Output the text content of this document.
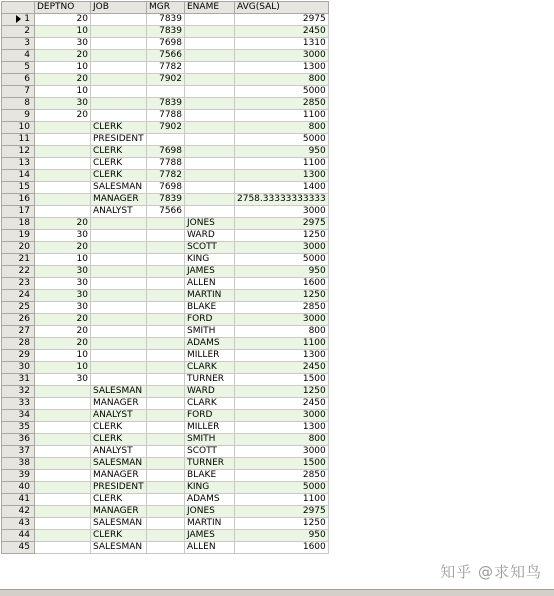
	DEPTNO	JOB	MGR	ENAME	AVG(SAL)
1	20		7839		2975
2	10		7839		2450
3	30		7698		1310
4	20		7566		3000
5	10		7782		1300
6	20		7902		800
7	10				5000
8	30		7839		2850
9	20		7788		1100
10		CLERK	7902		800
11		PRESIDENT			5000
12		CLERK	7698		950
13		CLERK	7788		1100
14		CLERK	7782		1300
15		SALESMAN	7698		1400
16		MANAGER	7839		2758.33333333333
17		ANALYST	7566		3000
18	20			JONES	2975
19	30			WARD	1250
20	20			SCOTT	3000
21	10			KING	5000
22	30			JAMES	950
23	30			ALLEN	1600
24	30			MARTIN	1250
25	30			BLAKE	2850
26	20			FORD	3000
27	20			SMITH	800
28	20			ADAMS	1100
29	10			MILLER	1300
30	10			CLARK	2450
31	30			TURNER	1500
32		SALESMAN		WARD	1250
33		MANAGER		CLARK	2450
34		ANALYST		FORD	3000
35		CLERK		MILLER	1300
36		CLERK		SMITH	800
37		ANALYST		SCOTT	3000
38		SALESMAN		TURNER	1500
39		MANAGER		BLAKE	2850
40		PRESIDENT		KING	5000
41		CLERK		ADAMS	1100
42		MANAGER		JONES	2975
43		SALESMAN		MARTIN	1250
44		CLERK		JAMES	950
45		SALESMAN		ALLEN	1600
知乎 @求知鸟
